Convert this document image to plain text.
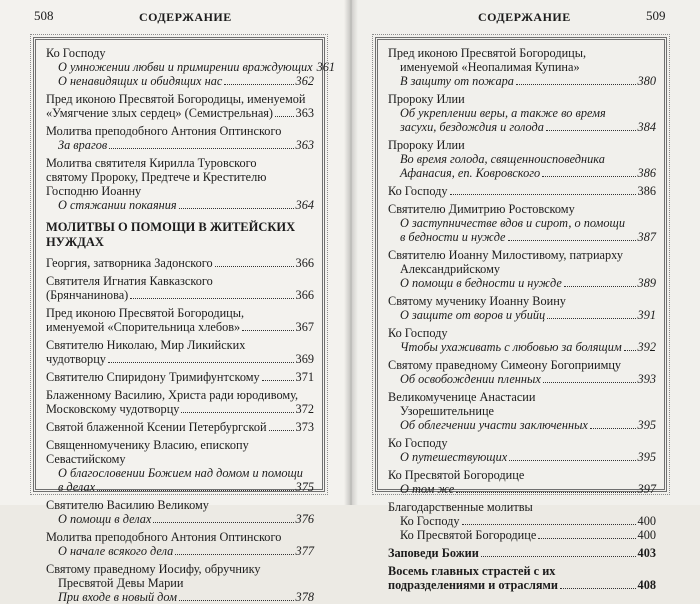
508	СОДЕРЖАНИЕ
Ко Господу
О умножении любви и примирении враждующих 361
О ненавидящих и обидящих нас	362
Пред иконою Пресвятой Богородицы, именуемой
«Умягчение злых сердец» (Семистрельная) 363
Молитва преподобного Антония Оптинского
За врагов	363
Молитва святителя Кирилла Туровского
святому Пророку, Предтече и Крестителю
Господню Иоанну
О стяжании покаяния	364
МОЛИТВЫ О ПОМОЩИ В ЖИТЕЙСКИХ НУЖДАХ
Георгия, затворника Задонского	366
Святителя Игнатия Кавказского
(Брянчанинова)	366
Пред иконою Пресвятой Богородицы,
именуемой «Спорительница хлебов»	367
Святителю Николаю, Мир Ликийских
чудотворцу	369
Святителю Спиридону Тримифунтскому	371
Блаженному Василию, Христа ради юродивому,
Московскому чудотворцу	372
Святой блаженной Ксении Петербургской 373
Священномученику Власию, епископу
Севастийскому
О благословении Божием над домом и помощи
в делах	375
Святителю Василию Великому
О помощи в делах	376
Молитва преподобного Антония Оптинского
О начале всякого дела	377
Святому праведному Иосифу, обручнику
Пресвятой Девы Марии
При входе в новый дом	378
СОДЕРЖАНИЕ	509
Пред иконою Пресвятой Богородицы,
именуемой «Неопалимая Купина»
В защиту от пожара	380
Пророку Илии
Об укреплении веры, а также во время
засухи, бездождия и голода	384
Пророку Илии
Во время голода, священноисповедника
Афанасия, еп. Ковровского	386
Ко Господу	386
Святителю Димитрию Ростовскому
О заступничестве вдов и сирот, о помощи
в бедности и нужде	387
Святителю Иоанну Милостивому, патриарху
Александрийскому
О помощи в бедности и нужде	389
Святому мученику Иоанну Воину
О защите от воров и убийц	391
Ко Господу
Чтобы ухаживать с любовью за болящим 392
Святому праведному Симеону Богоприимцу
Об освобождении пленных	393
Великомученице Анастасии
Узорешительнице
Об облегчении участи заключенных	395
Ко Господу
О путешествующих	395
Ко Пресвятой Богородице
О том же	397
Благодарственные молитвы
Ко Господу	400
Ко Пресвятой Богородице	400
Заповеди Божии	403
Восемь главных страстей с их
подразделениями и отраслями	408
